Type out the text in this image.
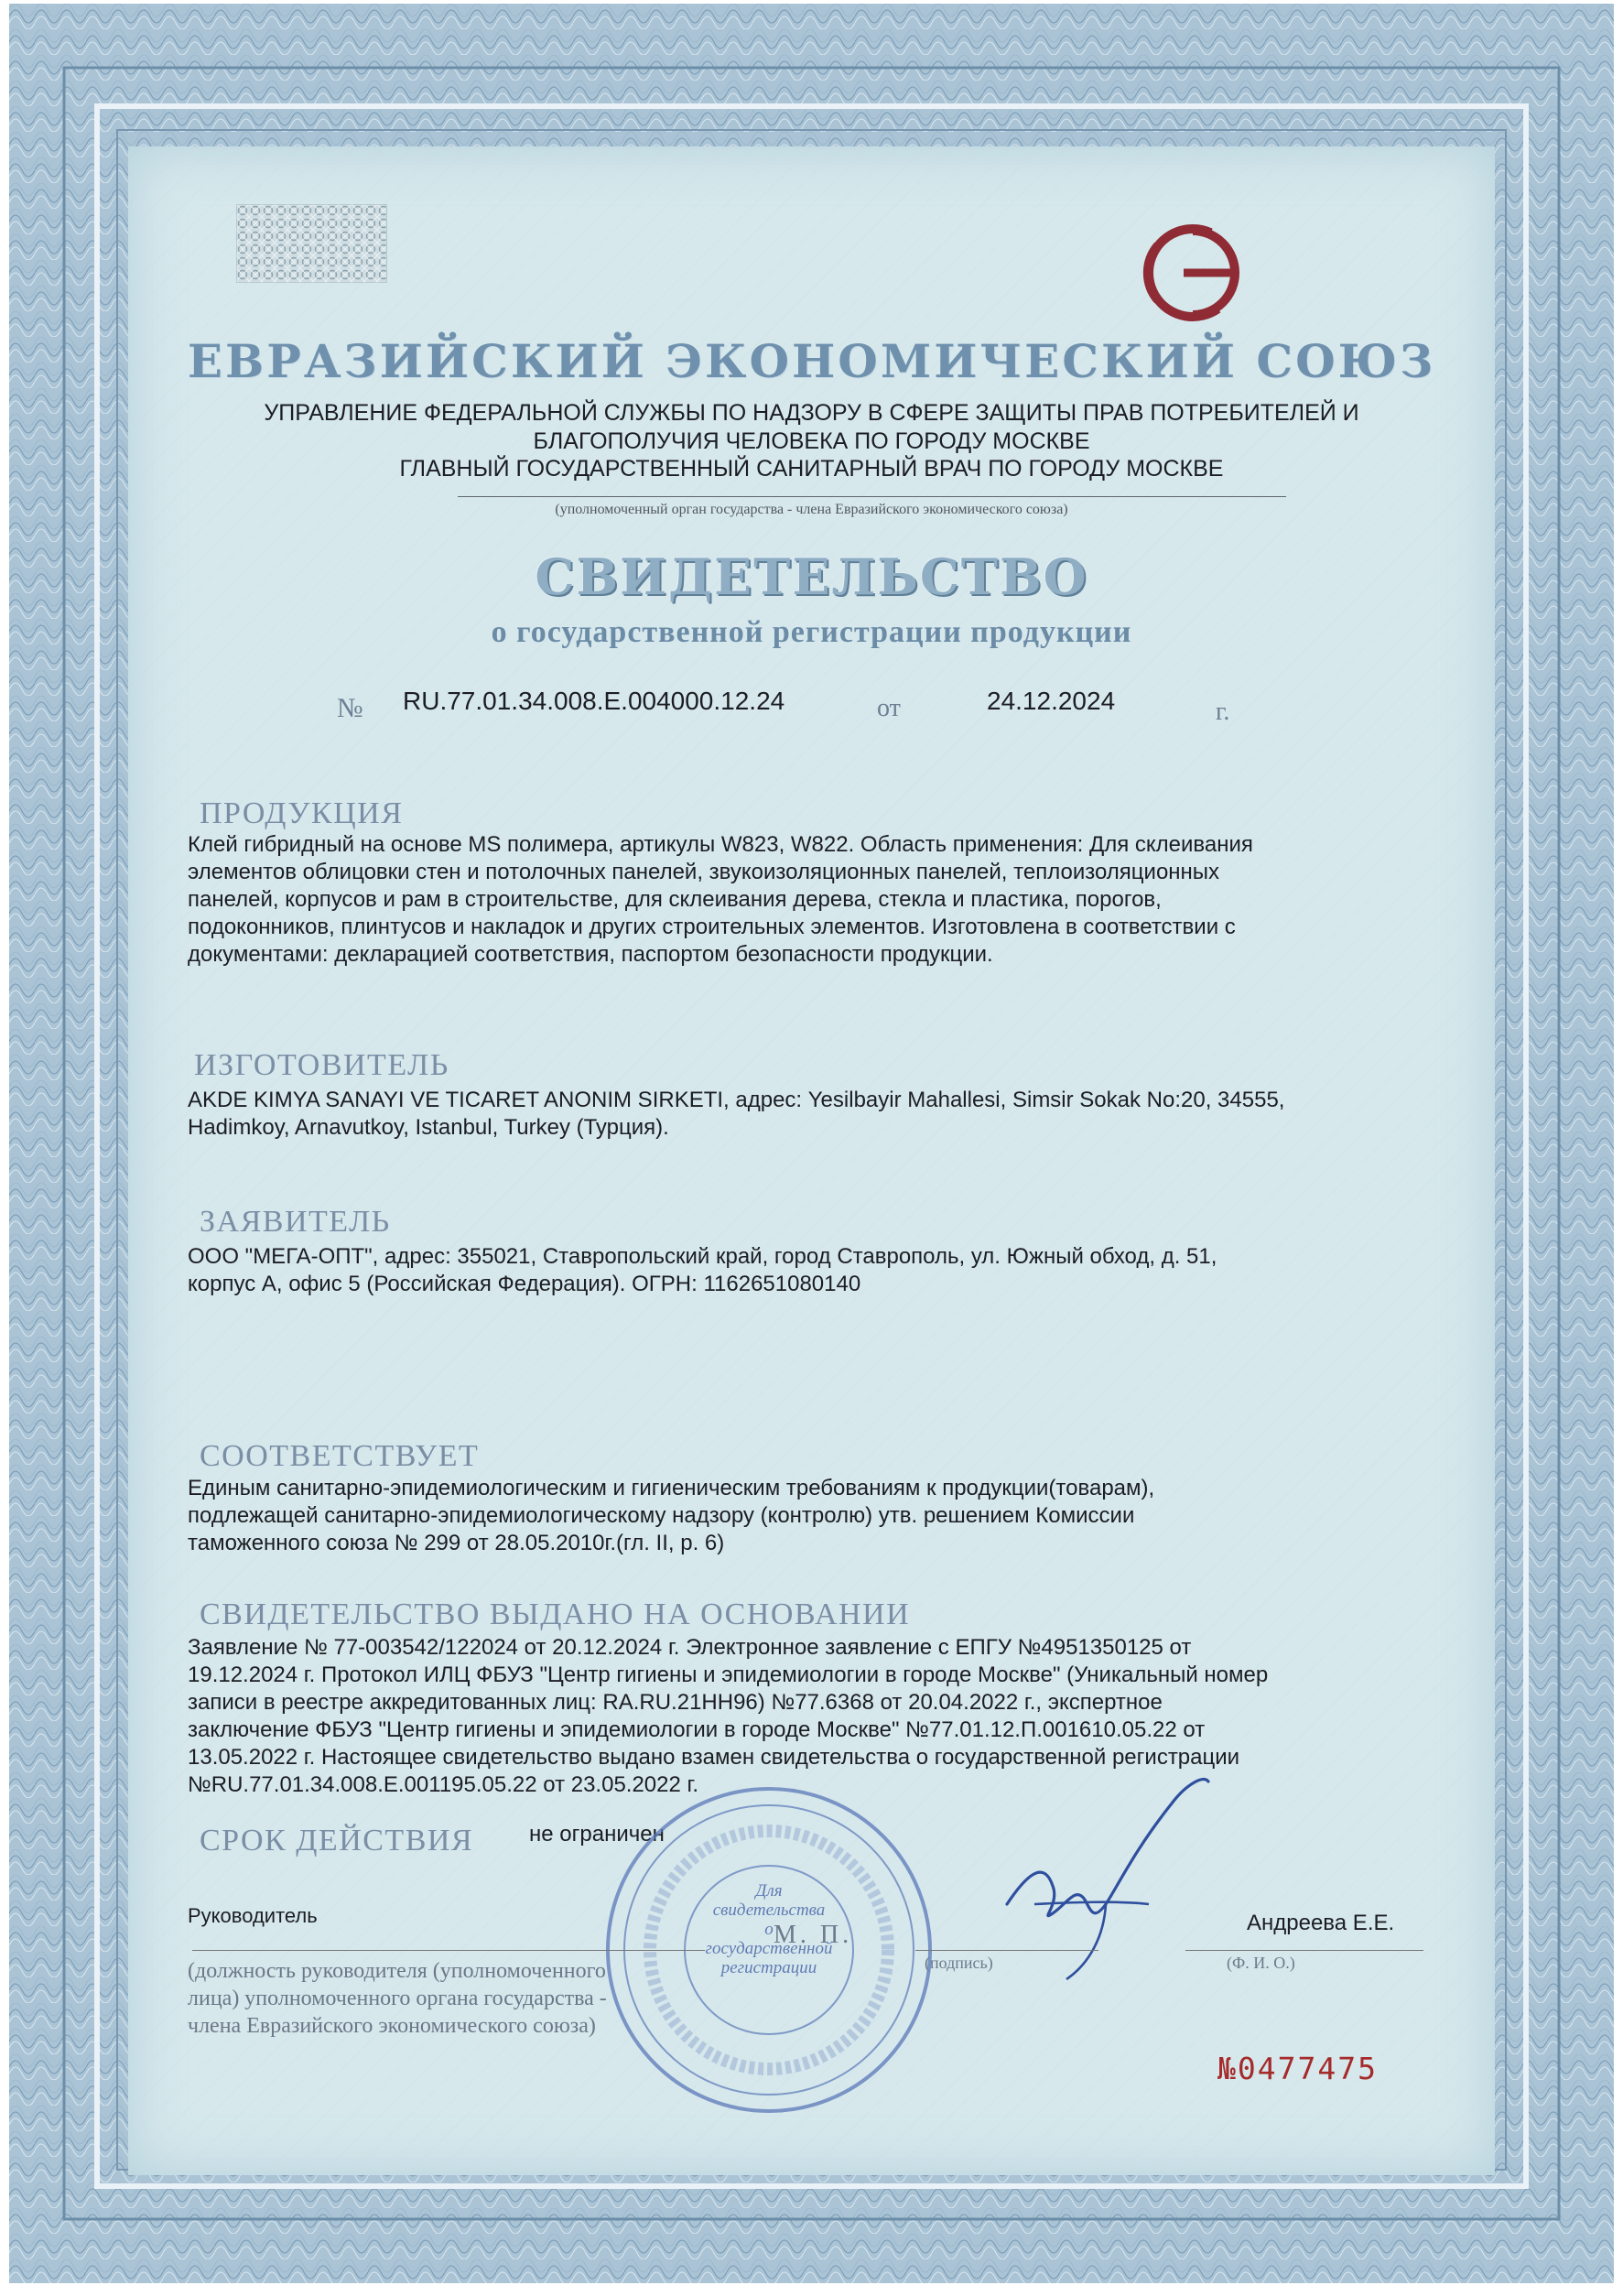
ЕВРАЗИЙСКИЙ ЭКОНОМИЧЕСКИЙ СОЮЗ
УПРАВЛЕНИЕ ФЕДЕРАЛЬНОЙ СЛУЖБЫ ПО НАДЗОРУ В СФЕРЕ ЗАЩИТЫ ПРАВ ПОТРЕБИТЕЛЕЙ И
БЛАГОПОЛУЧИЯ ЧЕЛОВЕКА ПО ГОРОДУ МОСКВЕ
ГЛАВНЫЙ ГОСУДАРСТВЕННЫЙ САНИТАРНЫЙ ВРАЧ ПО ГОРОДУ МОСКВЕ
(уполномоченный орган государства - члена Евразийского экономического союза)
СВИДЕТЕЛЬСТВО
о государственной регистрации продукции
№ RU.77.01.34.008.E.004000.12.24	от	24.12.2024	г.
ПРОДУКЦИЯ
Клей гибридный на основе MS полимера, артикулы W823, W822. Область применения: Для склеивания
элементов облицовки стен и потолочных панелей, звукоизоляционных панелей, теплоизоляционных
панелей, корпусов и рам в строительстве, для склеивания дерева, стекла и пластика, порогов,
подоконников, плинтусов и накладок и других строительных элементов. Изготовлена в соответствии с
документами: декларацией соответствия, паспортом безопасности продукции.
ИЗГОТОВИТЕЛЬ
AKDE KIMYA SANAYI VE TICARET ANONIM SIRKETI, адрес: Yesilbayir Mahallesi, Simsir Sokak No:20, 34555,
Hadimkoy, Arnavutkoy, Istanbul, Turkey (Турция).
ЗАЯВИТЕЛЬ
ООО "МЕГА-ОПТ", адрес: 355021, Ставропольский край, город Ставрополь, ул. Южный обход, д. 51,
корпус А, офис 5 (Российская Федерация). ОГРН: 1162651080140
СООТВЕТСТВУЕТ
Единым санитарно-эпидемиологическим и гигиеническим требованиям к продукции(товарам),
подлежащей санитарно-эпидемиологическому надзору (контролю) утв. решением Комиссии
таможенного союза № 299 от 28.05.2010г.(гл. II, р. 6)
СВИДЕТЕЛЬСТВО ВЫДАНО НА ОСНОВАНИИ
Заявление № 77-003542/122024 от 20.12.2024 г. Электронное заявление с ЕПГУ №4951350125 от
19.12.2024 г. Протокол ИЛЦ ФБУЗ "Центр гигиены и эпидемиологии в городе Москве" (Уникальный номер
записи в реестре аккредитованных лиц: RA.RU.21НН96) №77.6368 от 20.04.2022 г., экспертное
заключение ФБУЗ "Центр гигиены и эпидемиологии в городе Москве" №77.01.12.П.001610.05.22 от
13.05.2022 г. Настоящее свидетельство выдано взамен свидетельства о государственной регистрации
№RU.77.01.34.008.Е.001195.05.22 от 23.05.2022 г.
СРОК ДЕЙСТВИЯ	не ограничен
Для
свидетельства
о государственной
регистрации
Руководитель	Андреева Е.Е.
М. П.
(подпись)	(Ф. И. О.)
(должность руководителя (уполномоченного
лица) уполномоченного органа государства -
члена Евразийского экономического союза)
№0477475
